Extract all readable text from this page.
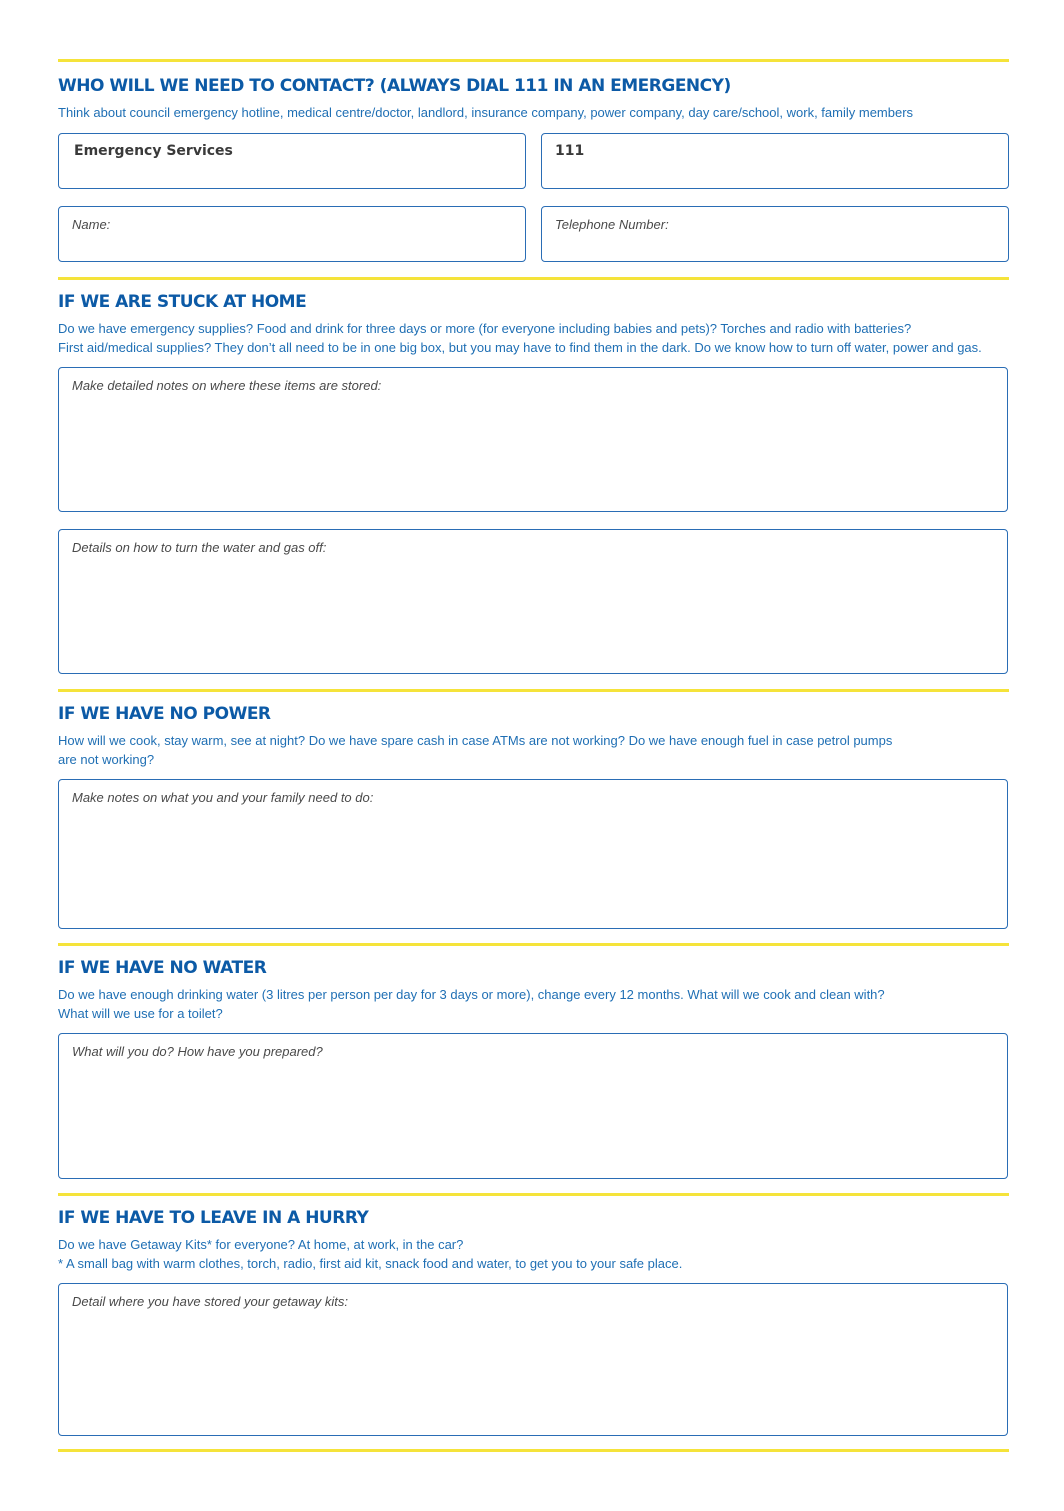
WHO WILL WE NEED TO CONTACT? (ALWAYS DIAL 111 IN AN EMERGENCY)

Think about council emergency hotline, medical centre/doctor, landlord, insurance company, power company, day care/school, work, family members

Emergency Services	111
Name:	Telephone Number:
IF WE ARE STUCK AT HOME

Do we have emergency supplies? Food and drink for three days or more (for everyone including babies and pets)? Torches and radio with batteries?
First aid/medical supplies? They don’t all need to be in one big box, but you may have to find them in the dark. Do we know how to turn off water, power and gas.

Make detailed notes on where these items are stored:
Details on how to turn the water and gas off:
IF WE HAVE NO POWER

How will we cook, stay warm, see at night? Do we have spare cash in case ATMs are not working? Do we have enough fuel in case petrol pumps
are not working?

Make notes on what you and your family need to do:
IF WE HAVE NO WATER

Do we have enough drinking water (3 litres per person per day for 3 days or more), change every 12 months. What will we cook and clean with?
What will we use for a toilet?

What will you do? How have you prepared?
IF WE HAVE TO LEAVE IN A HURRY

Do we have Getaway Kits* for everyone? At home, at work, in the car?
* A small bag with warm clothes, torch, radio, first aid kit, snack food and water, to get you to your safe place.

Detail where you have stored your getaway kits:
